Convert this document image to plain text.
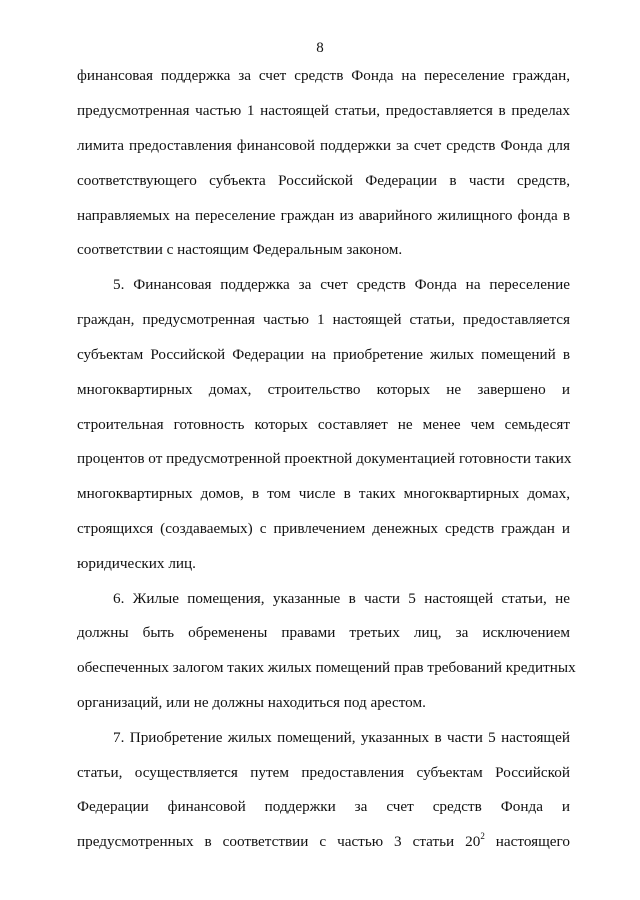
8
финансовая поддержка за счет средств Фонда на переселение граждан,
предусмотренная частью 1 настоящей статьи, предоставляется в пределах
лимита предоставления финансовой поддержки за счет средств Фонда для
соответствующего субъекта Российской Федерации в части средств,
направляемых на переселение граждан из аварийного жилищного фонда в
соответствии с настоящим Федеральным законом.
5. Финансовая поддержка за счет средств Фонда на переселение
граждан, предусмотренная частью 1 настоящей статьи, предоставляется
субъектам Российской Федерации на приобретение жилых помещений в
многоквартирных домах, строительство которых не завершено и
строительная готовность которых составляет не менее чем семьдесят
процентов от предусмотренной проектной документацией готовности таких
многоквартирных домов, в том числе в таких многоквартирных домах,
строящихся (создаваемых) с привлечением денежных средств граждан и
юридических лиц.
6. Жилые помещения, указанные в части 5 настоящей статьи, не
должны быть обременены правами третьих лиц, за исключением
обеспеченных залогом таких жилых помещений прав требований кредитных
организаций, или не должны находиться под арестом.
7. Приобретение жилых помещений, указанных в части 5 настоящей
статьи, осуществляется путем предоставления субъектам Российской
Федерации финансовой поддержки за счет средств Фонда и
предусмотренных в соответствии с частью 3 статьи $20^2$ настоящего
